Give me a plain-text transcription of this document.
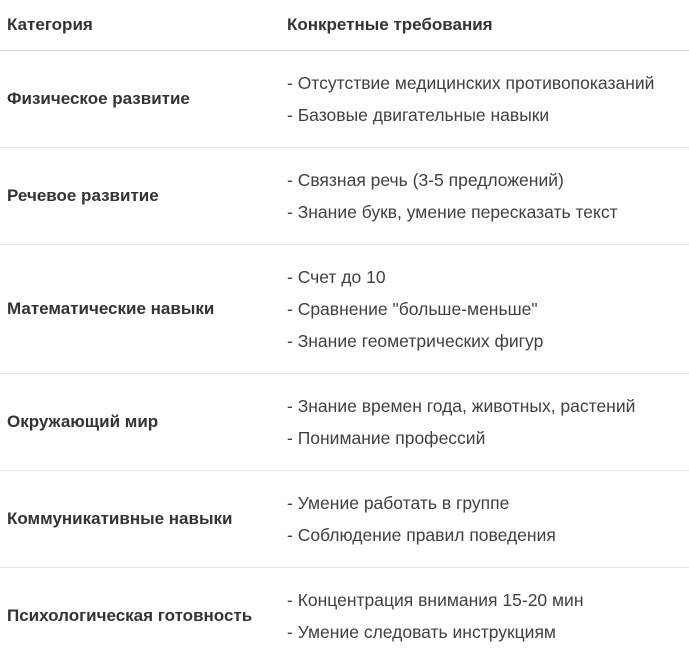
Категория	Конкретные требования
Физическое развитие
- Отсутствие медицинских противопоказаний
- Базовые двигательные навыки
Речевое развитие
- Связная речь (3-5 предложений)
- Знание букв, умение пересказать текст
Математические навыки
- Счет до 10
- Сравнение "больше-меньше"
- Знание геометрических фигур
Окружающий мир
- Знание времен года, животных, растений
- Понимание профессий
Коммуникативные навыки
- Умение работать в группе
- Соблюдение правил поведения
Психологическая готовность
- Концентрация внимания 15-20 мин
- Умение следовать инструкциям
